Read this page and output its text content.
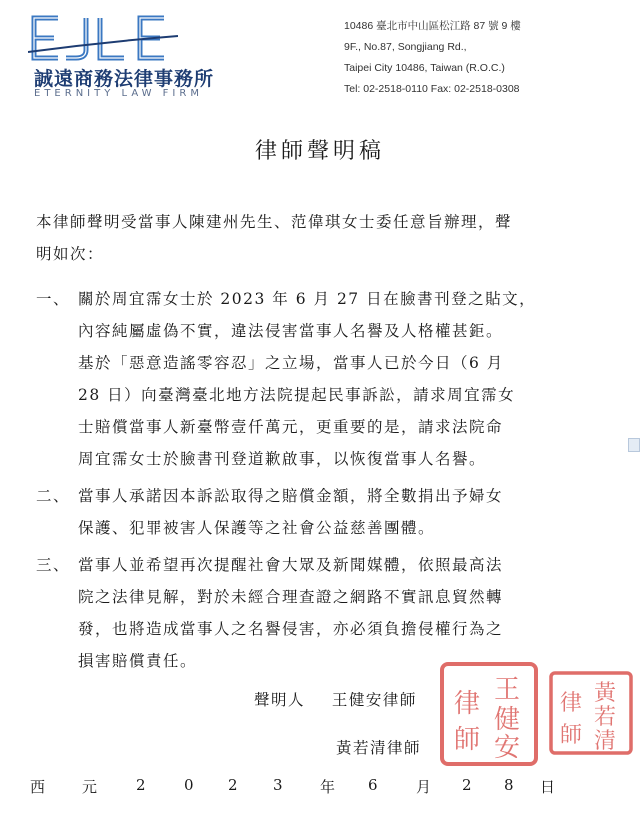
誠遠商務法律事務所
ETERNITY LAW FIRM
10486 臺北市中山區松江路 87 號 9 樓
9F., No.87, Songjiang Rd.,
Taipei City 10486, Taiwan (R.O.C.)
Tel: 02-2518-0110 Fax: 02-2518-0308
律師聲明稿
本律師聲明受當事人陳建州先生、范偉琪女士委任意旨辦理，聲
明如次：
一、 關於周宜霈女士於 2023 年 6 月 27 日在臉書刊登之貼文，
內容純屬虛偽不實，違法侵害當事人名譽及人格權甚鉅。
基於「惡意造謠零容忍」之立場，當事人已於今日（6 月
28 日）向臺灣臺北地方法院提起民事訴訟，請求周宜霈女
士賠償當事人新臺幣壹仟萬元，更重要的是，請求法院命
周宜霈女士於臉書刊登道歉啟事，以恢復當事人名譽。
二、 當事人承諾因本訴訟取得之賠償金額，將全數捐出予婦女
保護、犯罪被害人保護等之社會公益慈善團體。
三、 當事人並希望再次提醒社會大眾及新聞媒體，依照最高法
院之法律見解，對於未經合理查證之網路不實訊息貿然轉
發，也將造成當事人之名譽侵害，亦必須負擔侵權行為之
損害賠償責任。
聲明人 王健安律師
黃若清律師
王
健
安
律
師
黃
若
清
律
師
西 元	2	0 2 3 年 6	月 2 8 日
